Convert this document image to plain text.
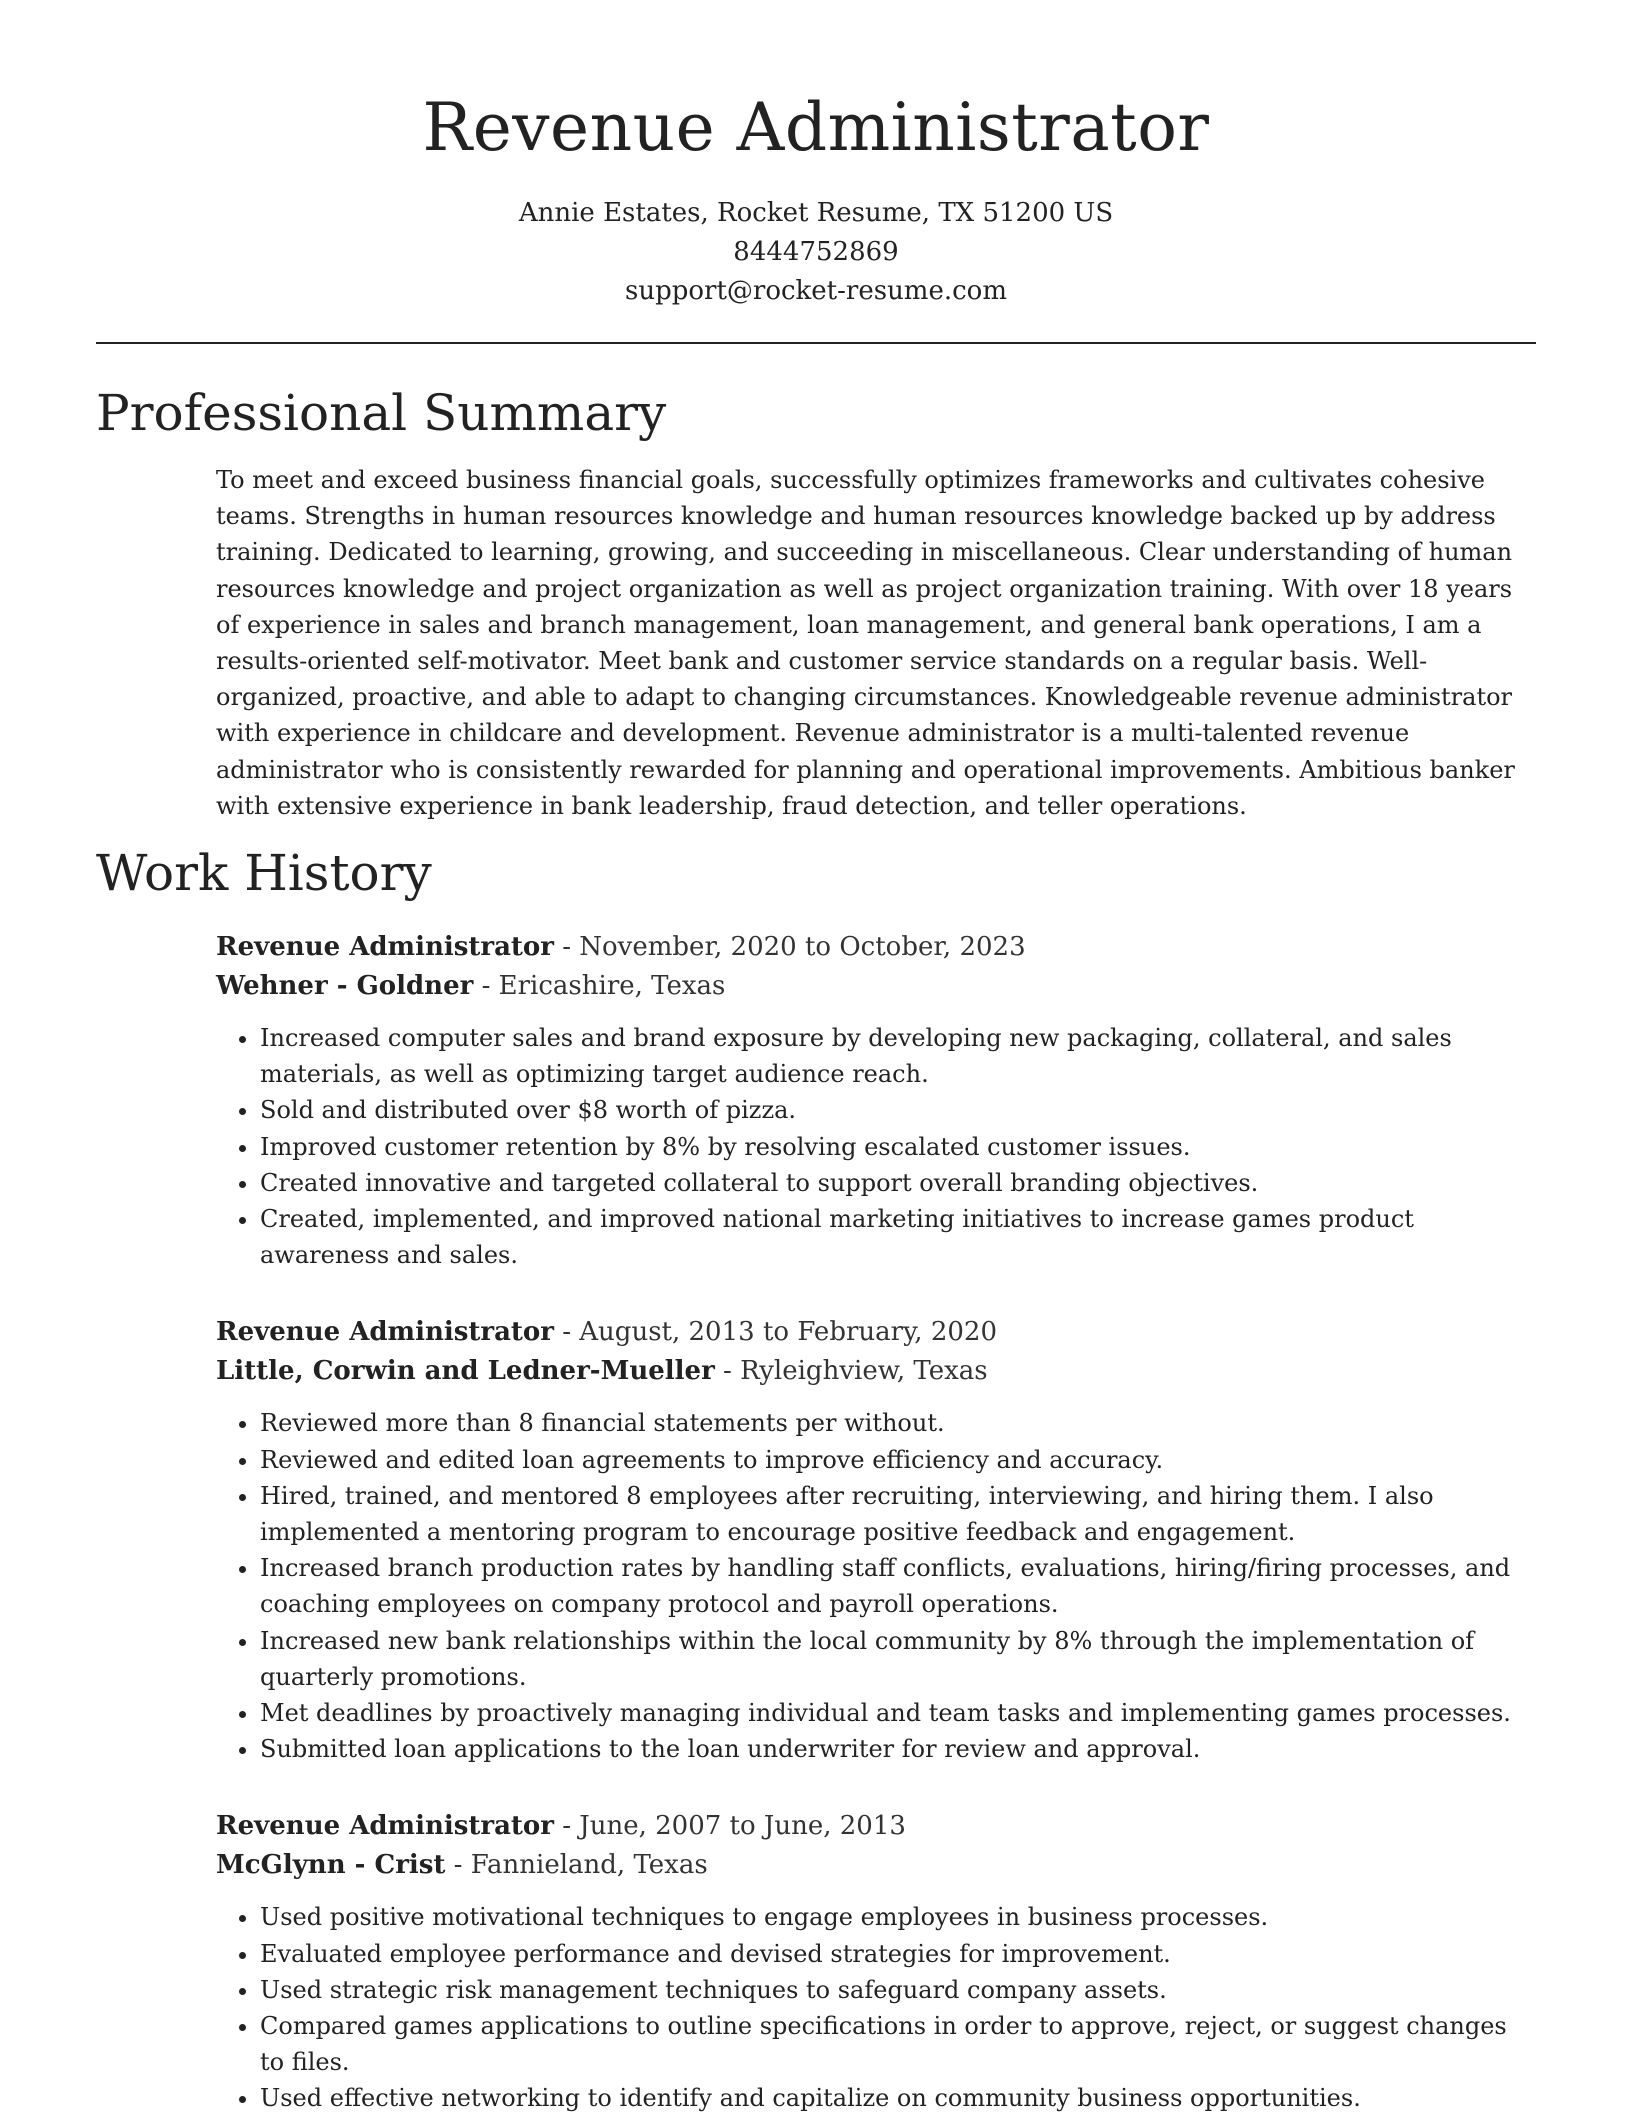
Revenue Administrator
Annie Estates, Rocket Resume, TX 51200 US
8444752869
support@rocket-resume.com
Professional Summary

To meet and exceed business financial goals, successfully optimizes frameworks and cultivates cohesive teams. Strengths in human resources knowledge and human resources knowledge backed up by address training. Dedicated to learning, growing, and succeeding in miscellaneous. Clear understanding of human resources knowledge and project organization as well as project organization training. With over 18 years of experience in sales and branch management, loan management, and general bank operations, I am a results-oriented self-motivator. Meet bank and customer service standards on a regular basis. Well-organized, proactive, and able to adapt to changing circumstances. Knowledgeable revenue administrator with experience in childcare and development. Revenue administrator is a multi-talented revenue administrator who is consistently rewarded for planning and operational improvements. Ambitious banker with extensive experience in bank leadership, fraud detection, and teller operations.

Work History
Revenue Administrator - November, 2020 to October, 2023
Wehner - Goldner - Ericashire, Texas
• Increased computer sales and brand exposure by developing new packaging, collateral, and sales materials, as well as optimizing target audience reach.
• Sold and distributed over $8 worth of pizza.
• Improved customer retention by 8% by resolving escalated customer issues.
• Created innovative and targeted collateral to support overall branding objectives.
• Created, implemented, and improved national marketing initiatives to increase games product awareness and sales.
Revenue Administrator - August, 2013 to February, 2020
Little, Corwin and Ledner-Mueller - Ryleighview, Texas
• Reviewed more than 8 financial statements per without.
• Reviewed and edited loan agreements to improve efficiency and accuracy.
• Hired, trained, and mentored 8 employees after recruiting, interviewing, and hiring them. I also implemented a mentoring program to encourage positive feedback and engagement.
• Increased branch production rates by handling staff conflicts, evaluations, hiring/firing processes, and coaching employees on company protocol and payroll operations.
• Increased new bank relationships within the local community by 8% through the implementation of quarterly promotions.
• Met deadlines by proactively managing individual and team tasks and implementing games processes.
• Submitted loan applications to the loan underwriter for review and approval.
Revenue Administrator - June, 2007 to June, 2013
McGlynn - Crist - Fannieland, Texas
• Used positive motivational techniques to engage employees in business processes.
• Evaluated employee performance and devised strategies for improvement.
• Used strategic risk management techniques to safeguard company assets.
• Compared games applications to outline specifications in order to approve, reject, or suggest changes to files.
• Used effective networking to identify and capitalize on community business opportunities.
